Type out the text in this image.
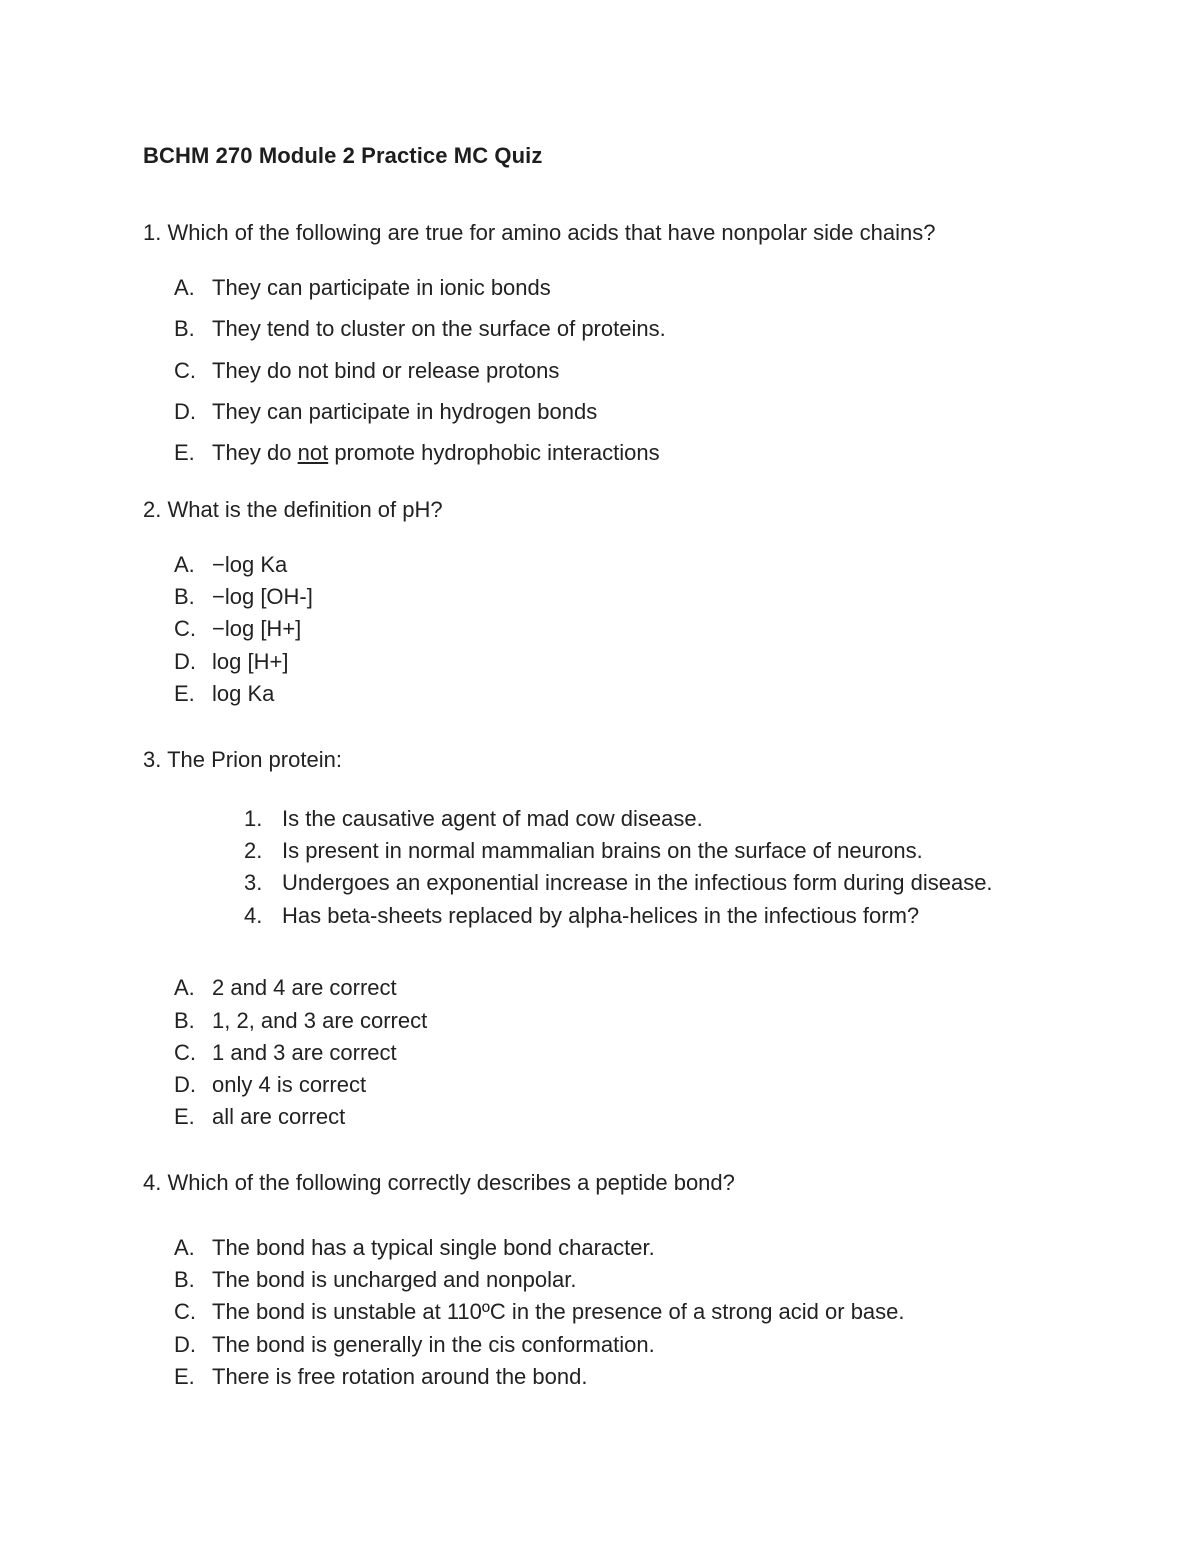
BCHM 270 Module 2 Practice MC Quiz
1. Which of the following are true for amino acids that have nonpolar side chains?
A. They can participate in ionic bonds
B. They tend to cluster on the surface of proteins.
C. They do not bind or release protons
D. They can participate in hydrogen bonds
E. They do not promote hydrophobic interactions
2. What is the definition of pH?
A. −log Ka
B. −log [OH-]
C. −log [H+]
D. log [H+]
E. log Ka
3. The Prion protein:
1. Is the causative agent of mad cow disease.
2. Is present in normal mammalian brains on the surface of neurons.
3. Undergoes an exponential increase in the infectious form during disease.
4. Has beta-sheets replaced by alpha-helices in the infectious form?
A. 2 and 4 are correct
B. 1, 2, and 3 are correct
C. 1 and 3 are correct
D. only 4 is correct
E. all are correct
4. Which of the following correctly describes a peptide bond?
A. The bond has a typical single bond character.
B. The bond is uncharged and nonpolar.
C. The bond is unstable at 110ºC in the presence of a strong acid or base.
D. The bond is generally in the cis conformation.
E. There is free rotation around the bond.
